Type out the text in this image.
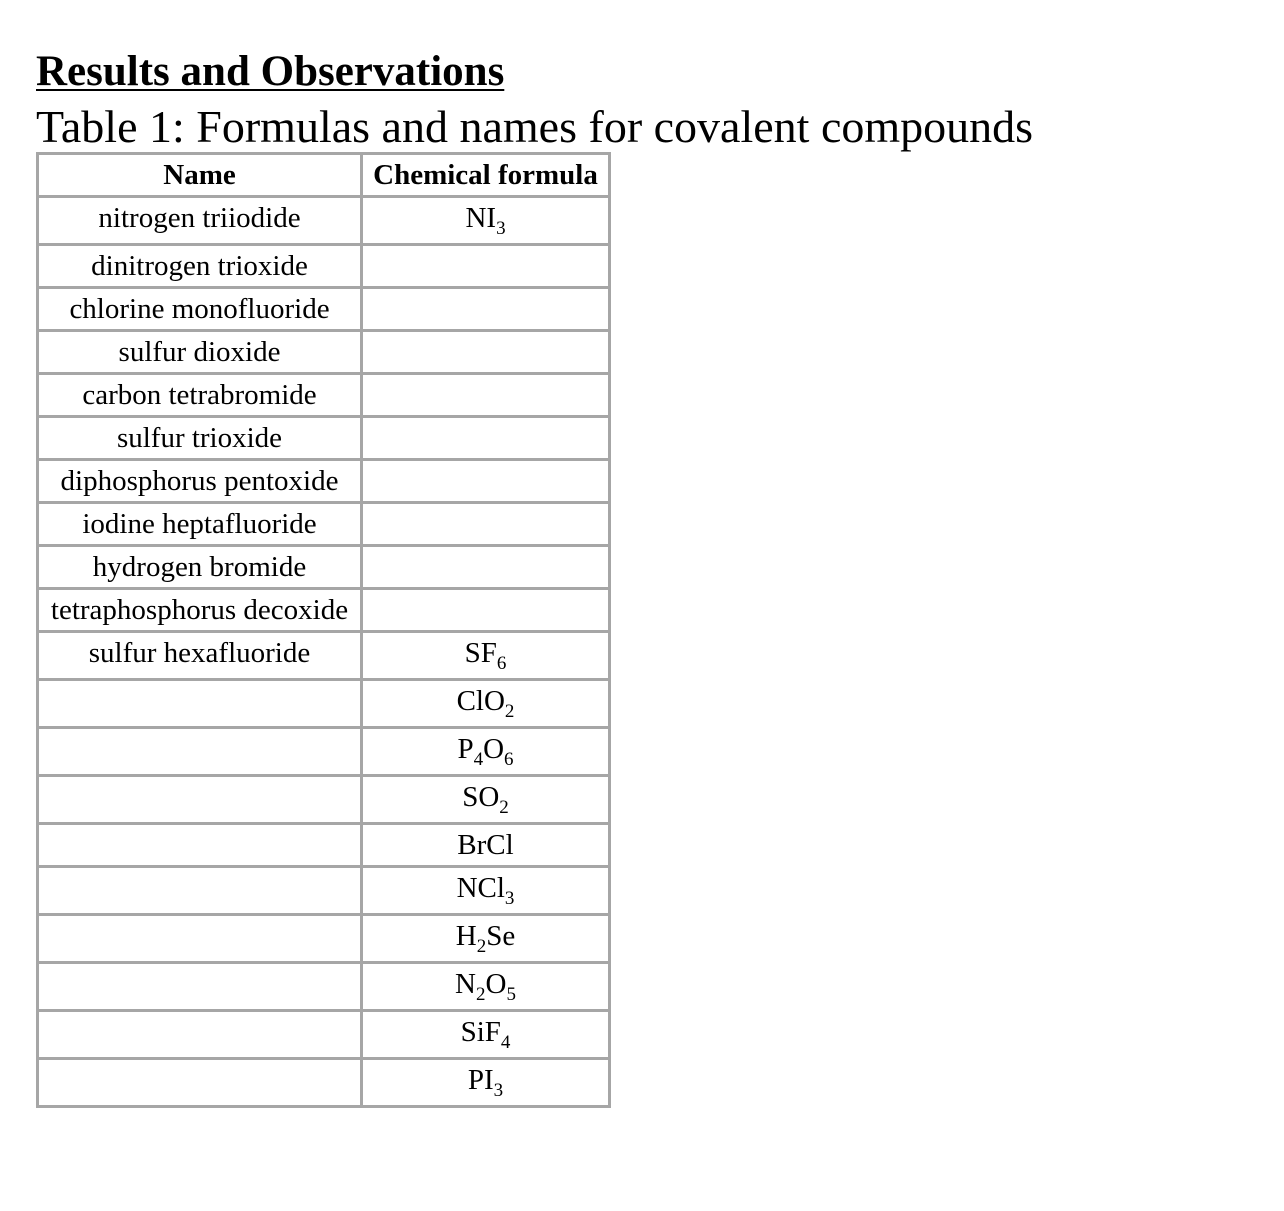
Results and Observations
Table 1: Formulas and names for covalent compounds
Name	Chemical formula
nitrogen triiodide	$NI_3$
dinitrogen trioxide	
chlorine monofluoride	
sulfur dioxide	
carbon tetrabromide	
sulfur trioxide	
diphosphorus pentoxide	
iodine heptafluoride	
hydrogen bromide	
tetraphosphorus decoxide	
sulfur hexafluoride	$SF_6$
	ClO$_2$
	$P_4O_6$
	$SO_2$
	BrCl
	NCl$_3$
	$H_2Se$
	$N_2O_5$
	SiF$_4$
	$PI_3$
